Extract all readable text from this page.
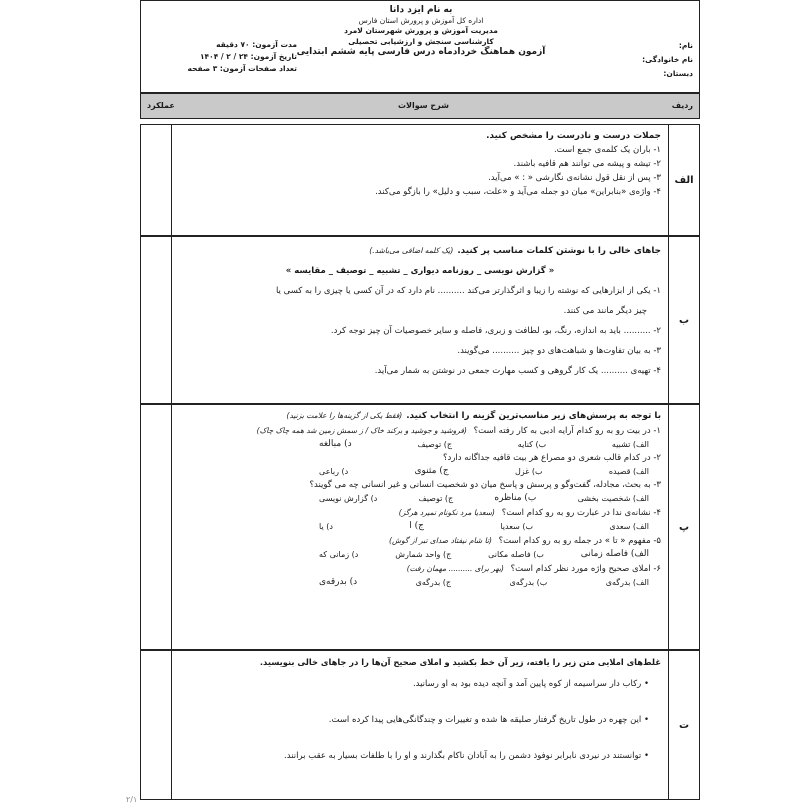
به نام ایزد دانا
اداره کل آموزش و پرورش استان فارس
مدیریت آموزش و پرورش شهرستان لامرد
کارشناسی سنجش و ارزشیابی تحصیلی
آزمون هماهنگ خردادماه درس فارسی پایه ششم ابتدایی
نام:
نام خانوادگی:
دبستان:
مدت آزمون: ۷۰ دقیقه
تاریخ آزمون: ۲۴ / ۲ / ۱۴۰۴
تعداد صفحات آزمون: ۳ صفحه
ردیف
شرح سوالات
عملکرد
الف
جملات درست و نادرست را مشخص کنید.
۱- باران یک کلمه‌ی جمع است.
۲- تیشه و پیشه می توانند هم قافیه باشند.
۳- پس از نقل قول نشانه‌ی نگارشی « : » می‌آید.
۴- واژه‌ی «بنابراین» میان دو جمله می‌آید و «علت، سبب و دلیل» را بازگو می‌کند.
ب
جاهای خالی را با نوشتن کلمات مناسب پر کنید.(یک کلمه اضافی می‌باشد.)
« گزارش نویسی _ روزنامه دیواری _ تشبیه _ توصیف _ مقایسه »
۱- یکی از ابزارهایی که نوشته را زیبا و اثرگذارتر می‌کند .......... نام دارد که در آن کسی یا چیزی را به کسی یا
چیز دیگر مانند می کنند.
۲- .......... باید به اندازه، رنگ، بو، لطافت و زبری، فاصله و سایر خصوصیات آن چیز توجه کرد.
۳- به بیان تفاوت‌ها و شباهت‌های دو چیز .......... می‌گویند.
۴- تهیه‌ی .......... یک کار گروهی و کسب مهارت جمعی در نوشتن به شمار می‌آید.
پ
با توجه به پرسش‌های زیر مناسب‌ترین گزینه را انتخاب کنید.(فقط یکی از گزینه‌ها را علامت بزنید)
۱- در بیت رو به رو کدام آرایه ادبی به کار رفته است؟ (فروشید و جوشید و برکند خاک / ز سمش زمین شد همه چاک چاک)
الف) تشبیه
ب) کنایه
ج) توصیف
د) مبالغه
۲- در کدام قالب شعری دو مصراع هر بیت قافیه جداگانه دارد؟
الف) قصیده
ب) غزل
ج) مثنوی
د) رباعی
۳- به بحث، مجادله، گفت‌وگو و پرسش و پاسخ میان دو شخصیت انسانی و غیر انسانی چه می گویند؟
الف) شخصیت بخشی
ب) مناظره
ج) توصیف
د) گزارش نویسی
۴- نشانه‌ی ندا در عبارت رو به رو کدام است؟ (سعدیا مرد نکونام نمیرد هرگز)
الف) سعدی
ب) سعدیا
ج) ا
د) یا
۵- مفهوم « تا » در جمله رو به رو کدام است؟ (تا شام نیفتاد صدای تبر از گوش)
الف) فاصله زمانی
ب) فاصله مکانی
ج) واحد شمارش
د) زمانی که
۶- املای صحیح واژه مورد نظر کدام است؟ (بهر برای .......... مهمان رفت)
الف) بدرگه‌ی
ب) بدرگه‌ی
ج) بدرگه‌ی
د) بدرقه‌ی
ت
غلط‌های املایی متن زیر را یافته، زیر آن خط بکشید و املای صحیح آن‌ها را در جاهای خالی بنویسید.
• رکاب دار سراسیمه از کوه پایین آمد و آنچه دیده بود به او رسانید.
• این چهره در طول تاریخ گرفتار صلیقه ها شده و تغییرات و چندگانگی‌هایی پیدا کرده است.
• توانستند در نیردی نابرابر نوفوذ دشمن را به آبادان ناکام بگذارند و او را با طلفات بسیار به عقب برانند.
۲/۱
